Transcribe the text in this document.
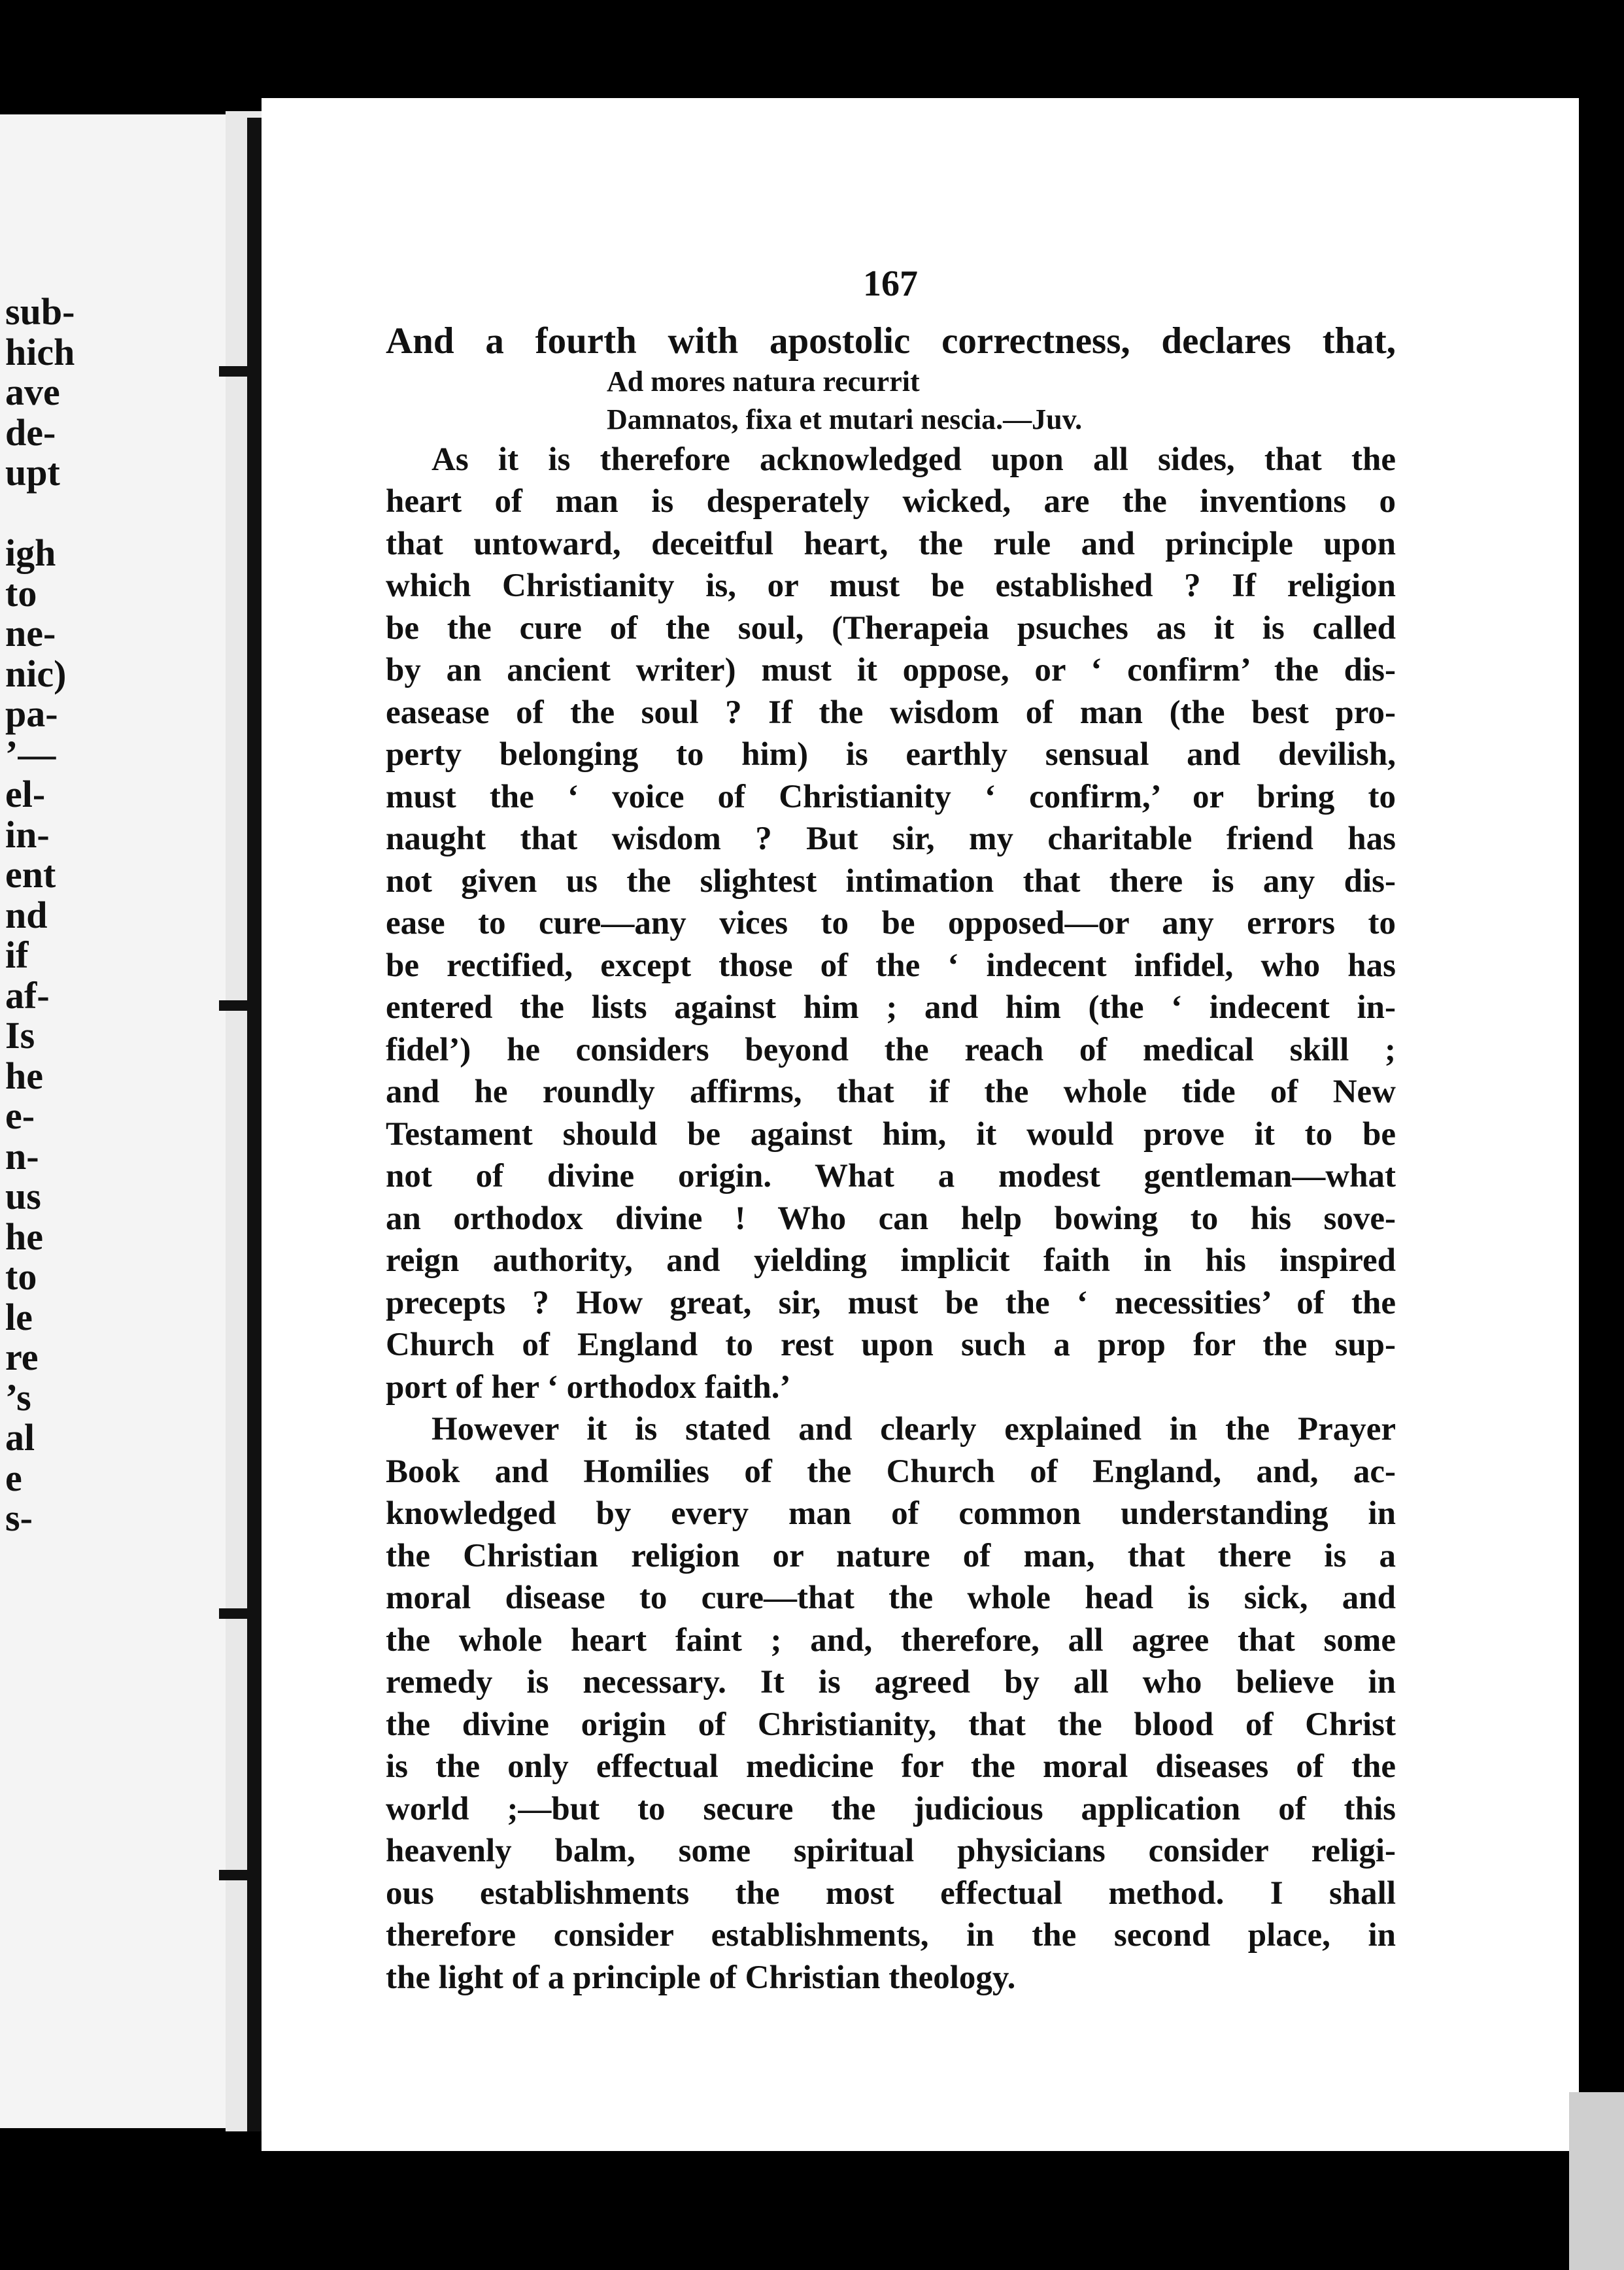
sub-
hich
ave
de-
upt
igh
to
ne-
nic)
pa-
’—
el-
in-
ent
nd
if
af-
Is
he
e-
n-
us
he
to
le
re
’s
al
e
s-
167
And a fourth with apostolic correctness, declares that,
Ad mores natura recurrit
Damnatos, fixa et mutari nescia.—Juv.
As it is therefore acknowledged upon all sides, that the
heart of man is desperately wicked, are the inventions o
that untoward, deceitful heart, the rule and principle upon
which Christianity is, or must be established ? If religion
be the cure of the soul, (Therapeia psuches as it is called
by an ancient writer) must it oppose, or ‘ confirm’ the dis-
easease of the soul ? If the wisdom of man (the best pro-
perty belonging to him) is earthly sensual and devilish,
must the ‘ voice of Christianity ‘ confirm,’ or bring to
naught that wisdom ? But sir, my charitable friend has
not given us the slightest intimation that there is any dis-
ease to cure—any vices to be opposed—or any errors to
be rectified, except those of the ‘ indecent infidel, who has
entered the lists against him ; and him (the ‘ indecent in-
fidel’) he considers beyond the reach of medical skill ;
and he roundly affirms, that if the whole tide of New
Testament should be against him, it would prove it to be
not of divine origin. What a modest gentleman—what
an orthodox divine ! Who can help bowing to his sove-
reign authority, and yielding implicit faith in his inspired
precepts ? How great, sir, must be the ‘ necessities’ of the
Church of England to rest upon such a prop for the sup-
port of her ‘ orthodox faith.’
However it is stated and clearly explained in the Prayer
Book and Homilies of the Church of England, and, ac-
knowledged by every man of common understanding in
the Christian religion or nature of man, that there is a
moral disease to cure—that the whole head is sick, and
the whole heart faint ; and, therefore, all agree that some
remedy is necessary. It is agreed by all who believe in
the divine origin of Christianity, that the blood of Christ
is the only effectual medicine for the moral diseases of the
world ;—but to secure the judicious application of this
heavenly balm, some spiritual physicians consider religi-
ous establishments the most effectual method. I shall
therefore consider establishments, in the second place, in
the light of a principle of Christian theology.
